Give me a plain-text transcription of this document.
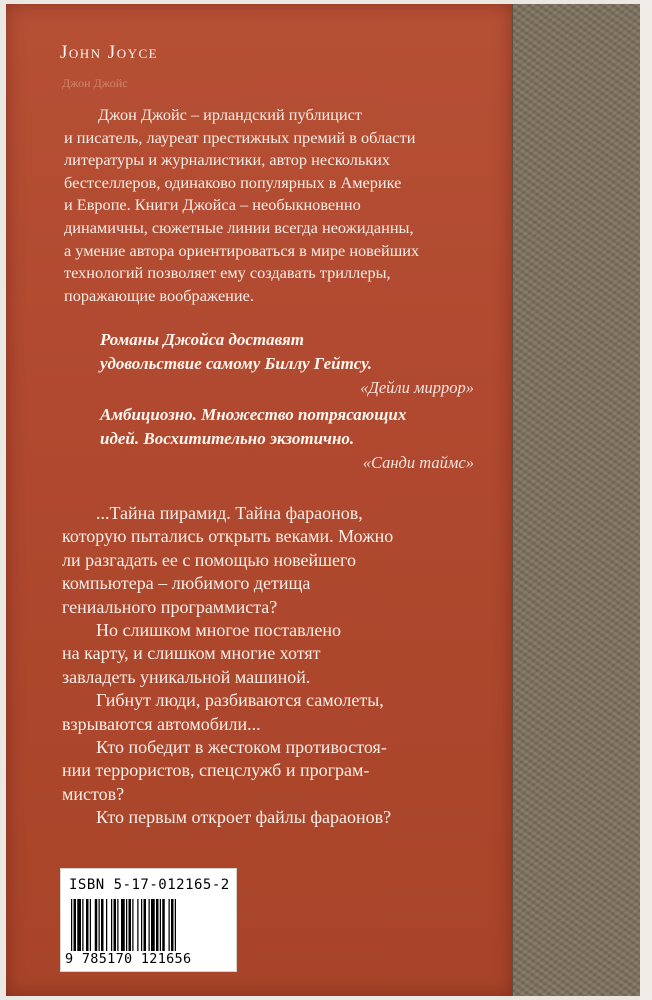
John Joyce
Джон Джойс
Джон Джойс – ирландский публицист
и писатель, лауреат престижных премий в области
литературы и журналистики, автор нескольких
бестселлеров, одинаково популярных в Америке
и Европе. Книги Джойса – необыкновенно
динамичны, сюжетные линии всегда неожиданны,
а умение автора ориентироваться в мире новейших
технологий позволяет ему создавать триллеры,
поражающие воображение.
Романы Джойса доставят
удовольствие самому Биллу Гейтсу.
«Дейли миррор»
Амбициозно. Множество потрясающих
идей. Восхитительно экзотично.
«Санди таймс»
...Тайна пирамид. Тайна фараонов,
которую пытались открыть веками. Можно
ли разгадать ее с помощью новейшего
компьютера – любимого детища
гениального программиста?
Но слишком многое поставлено
на карту, и слишком многие хотят
завладеть уникальной машиной.
Гибнут люди, разбиваются самолеты,
взрываются автомобили...
Кто победит в жестоком противостоя-
нии террористов, спецслужб и програм-
мистов?
Кто первым откроет файлы фараонов?
ISBN 5-17-012165-2
9 785170 121656
